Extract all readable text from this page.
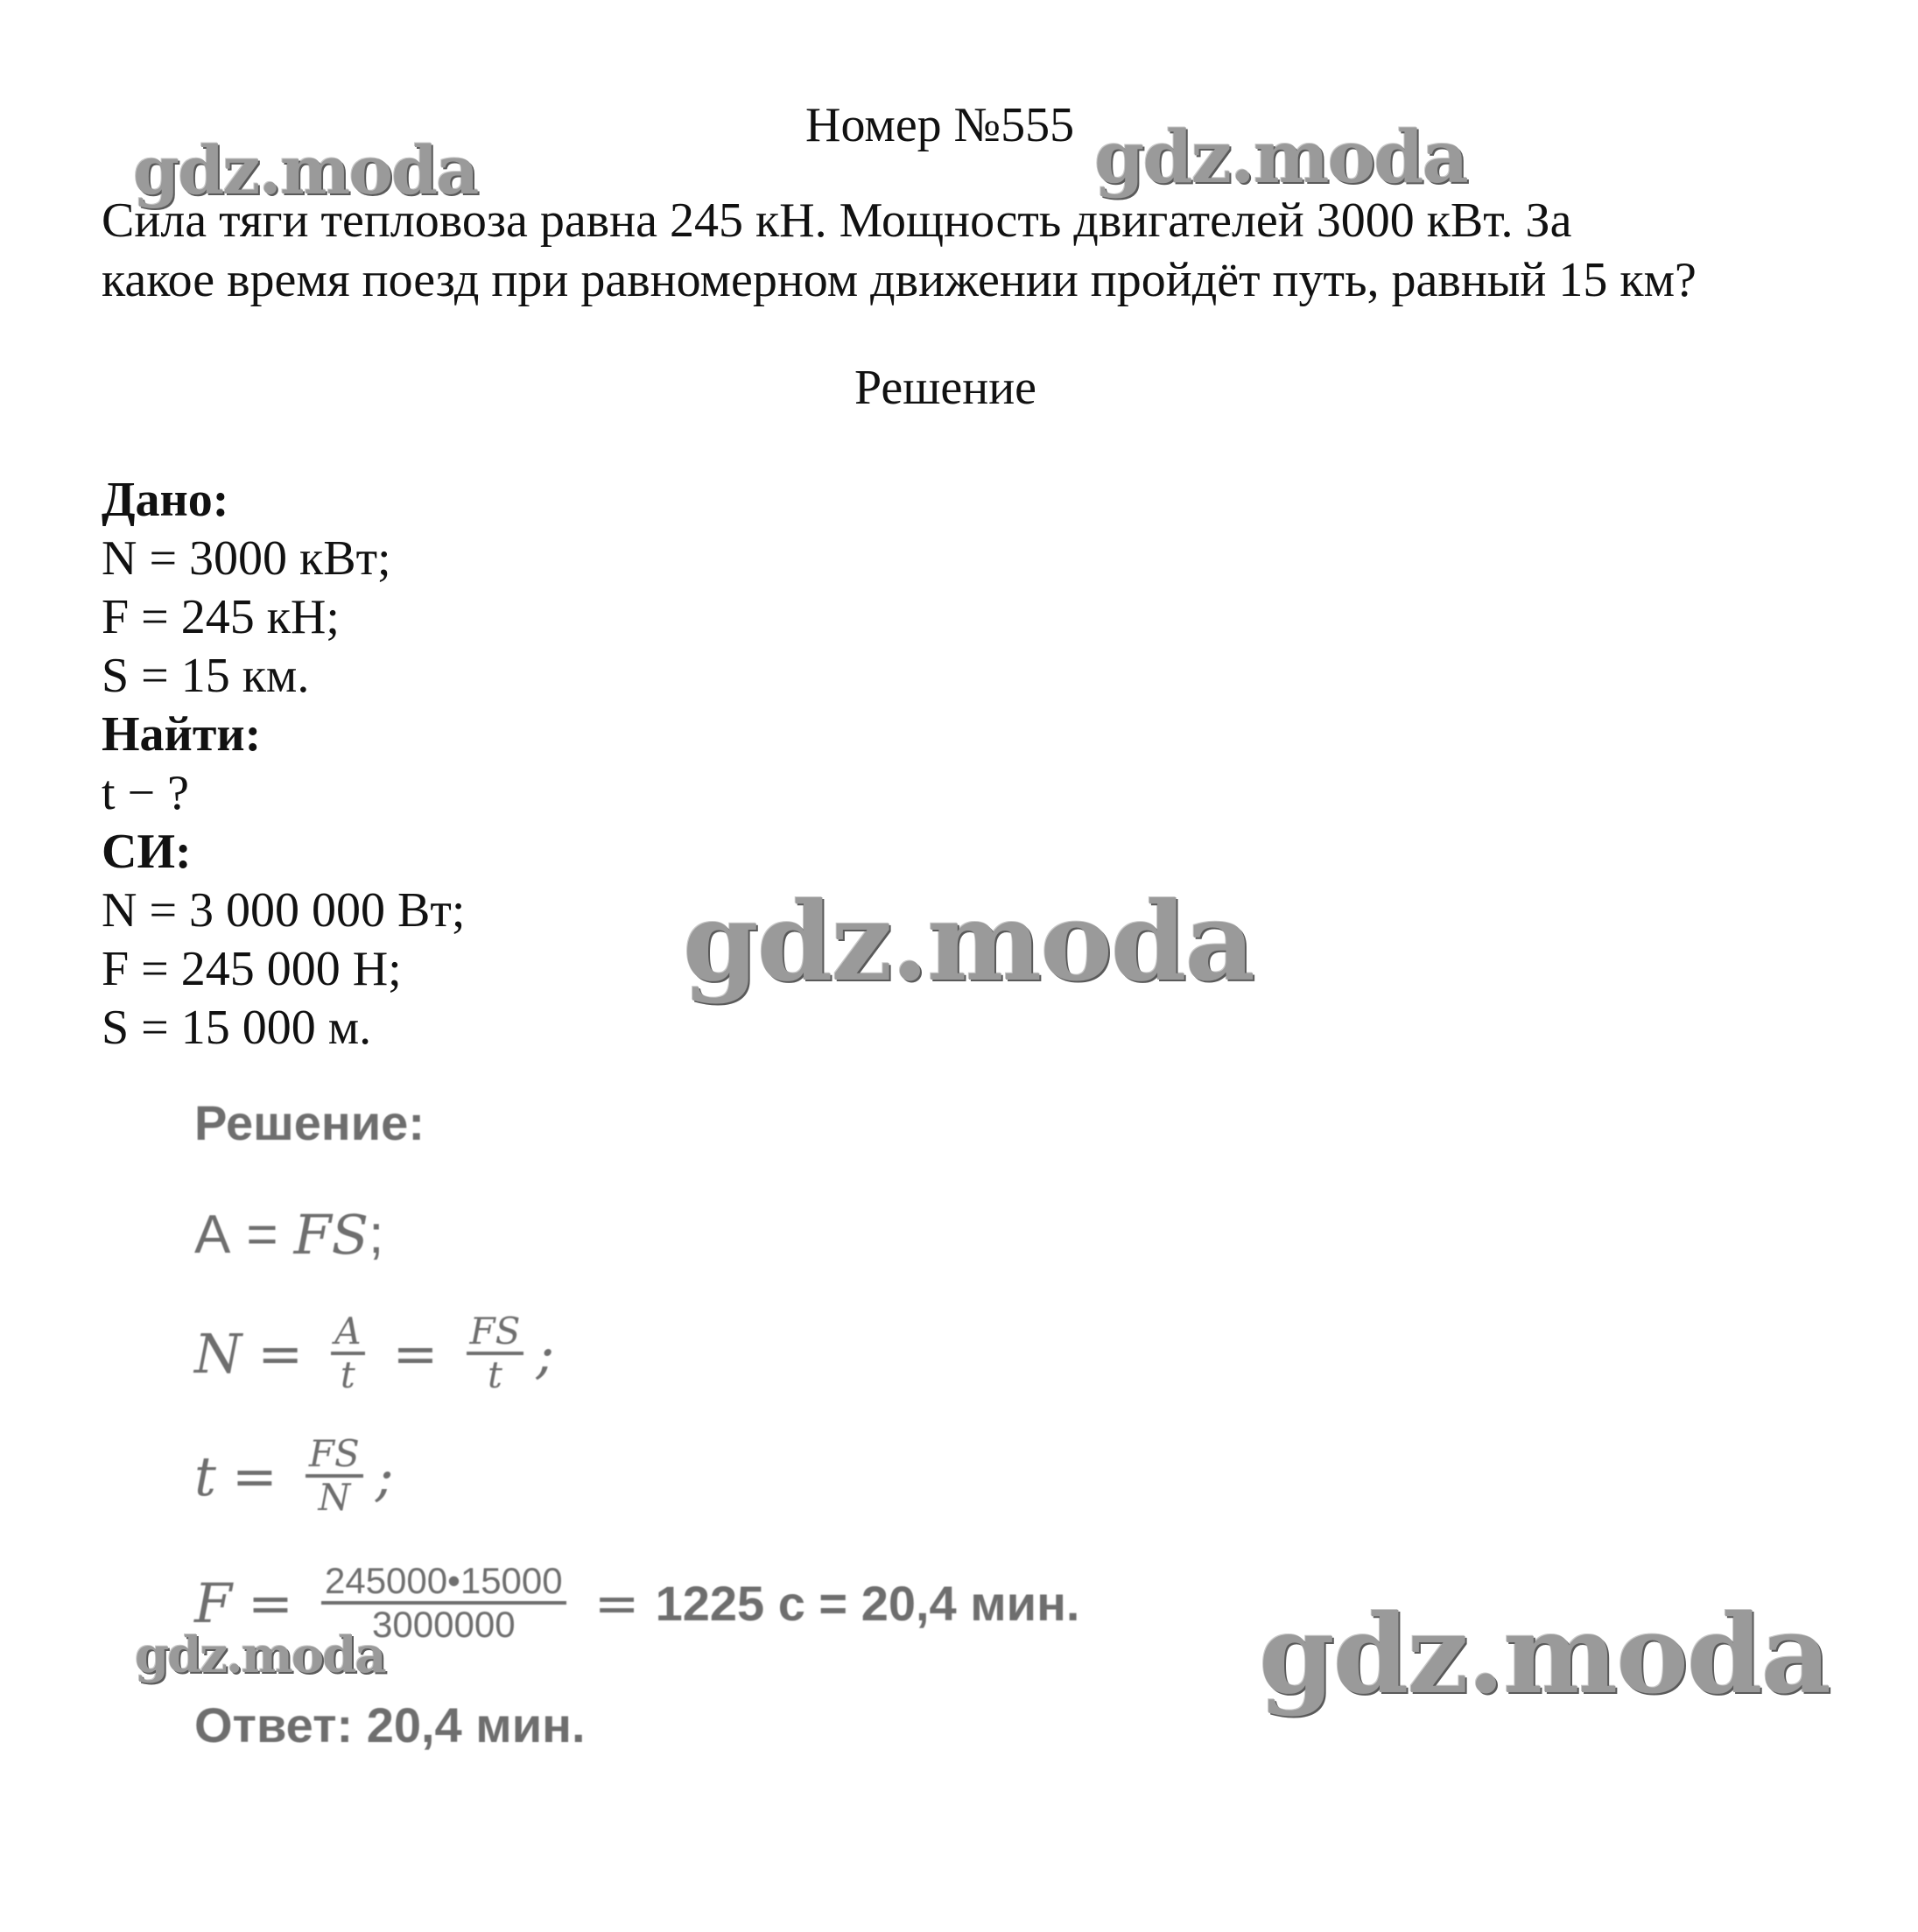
Номер №555
Сила тяги тепловоза равна 245 кН. Мощность двигателей 3000 кВт. За
какое время поезд при равномерном движении пройдёт путь, равный 15 км?
Решение
Дано:
N = 3000 кВт;
F = 245 кН;
S = 15 км.
Найти:
t − ?
СИ:
N = 3 000 000 Вт;
F = 245 000 Н;
S = 15 000 м.
Решение:
A = FS ;
$N = \frac{A}{t} = \frac{FS}{t}$ ;
$t = \frac{FS}{N}$ ;
$F = \frac{245000•15000}{3000000} = 1225$ с = 20,4 мин.
Ответ: 20,4 мин.
gdz.moda	gdz.moda
gdz.moda
gdz.moda	gdz.moda
